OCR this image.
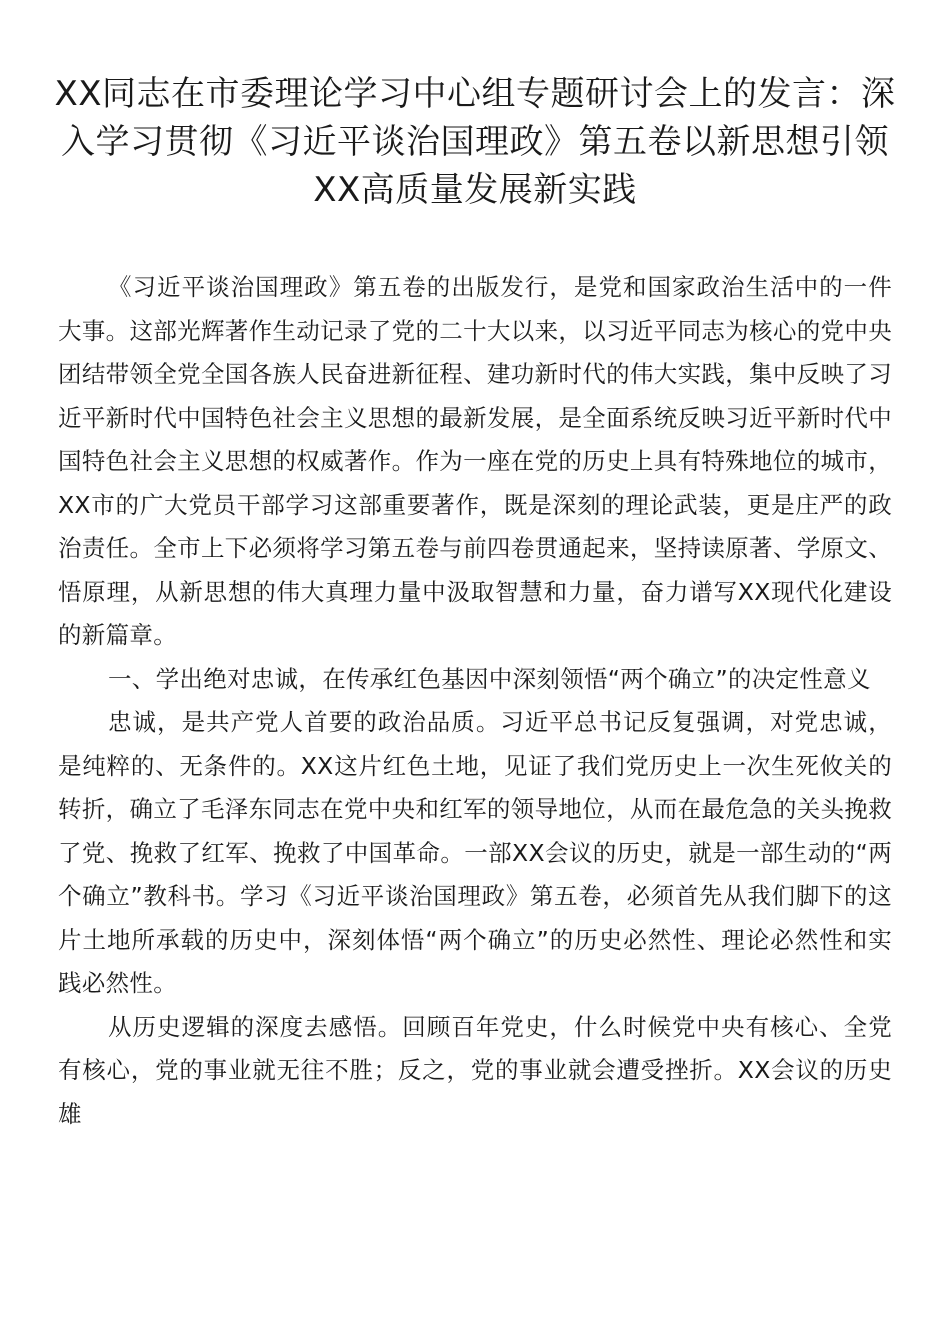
XX同志在市委理论学习中心组专题研讨会上的发言：深入学习贯彻《习近平谈治国理政》第五卷以新思想引领XX高质量发展新实践

《习近平谈治国理政》第五卷的出版发行，是党和国家政治生活中的一件大事。这部光辉著作生动记录了党的二十大以来，以习近平同志为核心的党中央团结带领全党全国各族人民奋进新征程、建功新时代的伟大实践，集中反映了习近平新时代中国特色社会主义思想的最新发展，是全面系统反映习近平新时代中国特色社会主义思想的权威著作。作为一座在党的历史上具有特殊地位的城市，XX市的广大党员干部学习这部重要著作，既是深刻的理论武装，更是庄严的政治责任。全市上下必须将学习第五卷与前四卷贯通起来，坚持读原著、学原文、悟原理，从新思想的伟大真理力量中汲取智慧和力量，奋力谱写XX现代化建设的新篇章。

一、学出绝对忠诚，在传承红色基因中深刻领悟“两个确立”的决定性意义

忠诚，是共产党人首要的政治品质。习近平总书记反复强调，对党忠诚，是纯粹的、无条件的。XX这片红色土地，见证了我们党历史上一次生死攸关的转折，确立了毛泽东同志在党中央和红军的领导地位，从而在最危急的关头挽救了党、挽救了红军、挽救了中国革命。一部XX会议的历史，就是一部生动的“两个确立”教科书。学习《习近平谈治国理政》第五卷，必须首先从我们脚下的这片土地所承载的历史中，深刻体悟“两个确立”的历史必然性、理论必然性和实践必然性。

从历史逻辑的深度去感悟。回顾百年党史，什么时候党中央有核心、全党有核心，党的事业就无往不胜；反之，党的事业就会遭受挫折。XX会议的历史雄
